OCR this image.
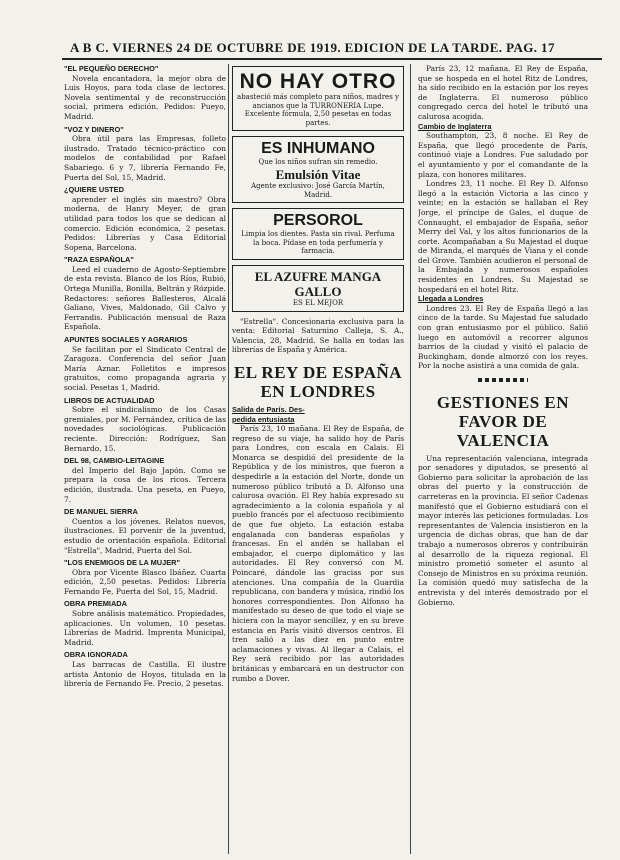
A B C. VIERNES 24 DE OCTUBRE DE 1919. EDICION DE LA TARDE. PAG. 17
"EL PEQUEÑO DERECHO"
Novela encantadora, la mejor obra de Luis Hoyos, para toda clase de lectores. Novela sentimental y de reconstrucción social, primera edición. Pedidos: Pueyo, Madrid.
"VOZ Y DINERO"
Obra útil para las Empresas, folleto ilustrado. Tratado técnico-práctico con modelos de contabilidad por Rafael Sabariego. 6 y 7, librería Fernando Fe, Puerta del Sol, 15, Madrid.
¿QUIERE USTED
aprender el inglés sin maestro? Obra moderna, de Hanry Meyer, de gran utilidad para todos los que se dedican al comercio. Edición económica, 2 pesetas. Pedidos: Librerías y Casa Editorial Sopena, Barcelona.
"RAZA ESPAÑOLA"
Leed el cuaderno de Agosto-Septiembre de esta revista. Blanco de los Ríos, Rubió, Ortega Munilla, Bonilla, Beltrán y Rózpide. Redactores: señores Ballesteros, Alcalá Galiano, Vives, Maldonado, Gil Calvo y Ferrandis. Publicación mensual de Raza Española.
APUNTES SOCIALES Y AGRARIOS
Se facilitan por el Sindicato Central de Zaragoza. Conferencia del señor Juan María Aznar. Folletitos e impresos gratuitos, como propaganda agraria y social. Pesetas 1, Madrid.
LIBROS DE ACTUALIDAD
Sobre el sindicalismo de los Casas gremiales, por M. Fernández, crítica de las novedades sociológicas. Publicación reciente. Dirección: Rodríguez, San Bernardo, 15.
DEL 98, CAMBIO-LEITAGINE
del Imperio del Bajo Japón. Como se prepara la cosa de los ricos. Tercera edición, ilustrada. Una peseta, en Pueyo, 7.
DE MANUEL SIERRA
Cuentos a los jóvenes. Relatos nuevos, ilustraciones. El porvenir de la juventud, estudio de orientación española. Editorial "Estrella", Madrid, Puerta del Sol.
"LOS ENEMIGOS DE LA MUJER"
Obra por Vicente Blasco Ibáñez. Cuarta edición, 2,50 pesetas. Pedidos: Librería Fernando Fe, Puerta del Sol, 15, Madrid.
OBRA PREMIADA
Sobre análisis matemático. Propiedades, aplicaciones. Un volumen, 10 pesetas. Librerías de Madrid. Imprenta Municipal, Madrid.
OBRA IGNORADA
Las barracas de Castilla. El ilustre artista Antonio de Hoyos, titulada en la librería de Fernando Fe. Precio, 2 pesetas.
NO HAY OTRO
abasteció más completo para niños, madres y ancianos que la TURRONERIA Lupe. Excelente fórmula, 2,50 pesetas en todas partes.
ES INHUMANO
Que los niños sufran sin remedio.
Emulsión Vitae
Agente exclusivo: José García Martín, Madrid.
PERSOROL
Limpia los dientes. Pasta sin rival. Perfuma la boca. Pídase en toda perfumería y farmacia.
EL AZUFRE MANGA GALLO
ES EL MEJOR

"Estrella". Concesionaria exclusiva para la venta: Editorial Saturnino Calleja, S. A., Valencia, 28, Madrid. Se halla en todas las librerías de España y América.

EL REY DE ESPAÑA EN LONDRES
Salida de París. Des-
pedida entusiasta

París 23, 10 mañana. El Rey de España, de regreso de su viaje, ha salido hoy de París para Londres, con escala en Calais. El Monarca se despidió del presidente de la República y de los ministros, que fueron a despedirle a la estación del Norte, donde un numeroso público tributó a D. Alfonso una calurosa ovación. El Rey había expresado su agradecimiento a la colonia española y al pueblo francés por el afectuoso recibimiento de que fue objeto. La estación estaba engalanada con banderas españolas y francesas. En el andén se hallaban el embajador, el cuerpo diplomático y las autoridades. El Rey conversó con M. Poincaré, dándole las gracias por sus atenciones. Una compañía de la Guardia republicana, con bandera y música, rindió los honores correspondientes. Don Alfonso ha manifestado su deseo de que todo el viaje se hiciera con la mayor sencillez, y en su breve estancia en París visitó diversos centros. El tren salió a las diez en punto entre aclamaciones y vivas. Al llegar a Calais, el Rey será recibido por las autoridades británicas y embarcará en un destructor con rumbo a Dover.

París 23, 12 mañana. El Rey de España, que se hospeda en el hotel Ritz de Londres, ha sido recibido en la estación por los reyes de Inglaterra. El numeroso público congregado cerca del hotel le tributó una calurosa acogida.

Cambio de Inglaterra

Southampton, 23, 8 noche. El Rey de España, que llegó procedente de París, continuó viaje a Londres. Fue saludado por el ayuntamiento y por el comandante de la plaza, con honores militares.

Londres 23, 11 noche. El Rey D. Alfonso llegó a la estación Victoria a las cinco y veinte; en la estación se hallaban el Rey Jorge, el príncipe de Gales, el duque de Connaught, el embajador de España, señor Merry del Val, y los altos funcionarios de la corte. Acompañaban a Su Majestad el duque de Miranda, el marqués de Viana y el conde del Grove. También acudieron el personal de la Embajada y numerosos españoles residentes en Londres. Su Majestad se hospedará en el hotel Ritz.

Llegada a Londres

Londres 23. El Rey de España llegó a las cinco de la tarde. Su Majestad fue saludado con gran entusiasmo por el público. Salió luego en automóvil a recorrer algunos barrios de la ciudad y visitó el palacio de Buckingham, donde almorzó con los reyes. Por la noche asistirá a una comida de gala.

GESTIONES EN FAVOR DE VALENCIA

Una representación valenciana, integrada por senadores y diputados, se presentó al Gobierno para solicitar la aprobación de las obras del puerto y la construcción de carreteras en la provincia. El señor Cadenas manifestó que el Gobierno estudiará con el mayor interés las peticiones formuladas. Los representantes de Valencia insistieron en la urgencia de dichas obras, que han de dar trabajo a numerosos obreros y contribuirán al desarrollo de la riqueza regional. El ministro prometió someter el asunto al Consejo de Ministros en su próxima reunión. La comisión quedó muy satisfecha de la entrevista y del interés demostrado por el Gobierno.
